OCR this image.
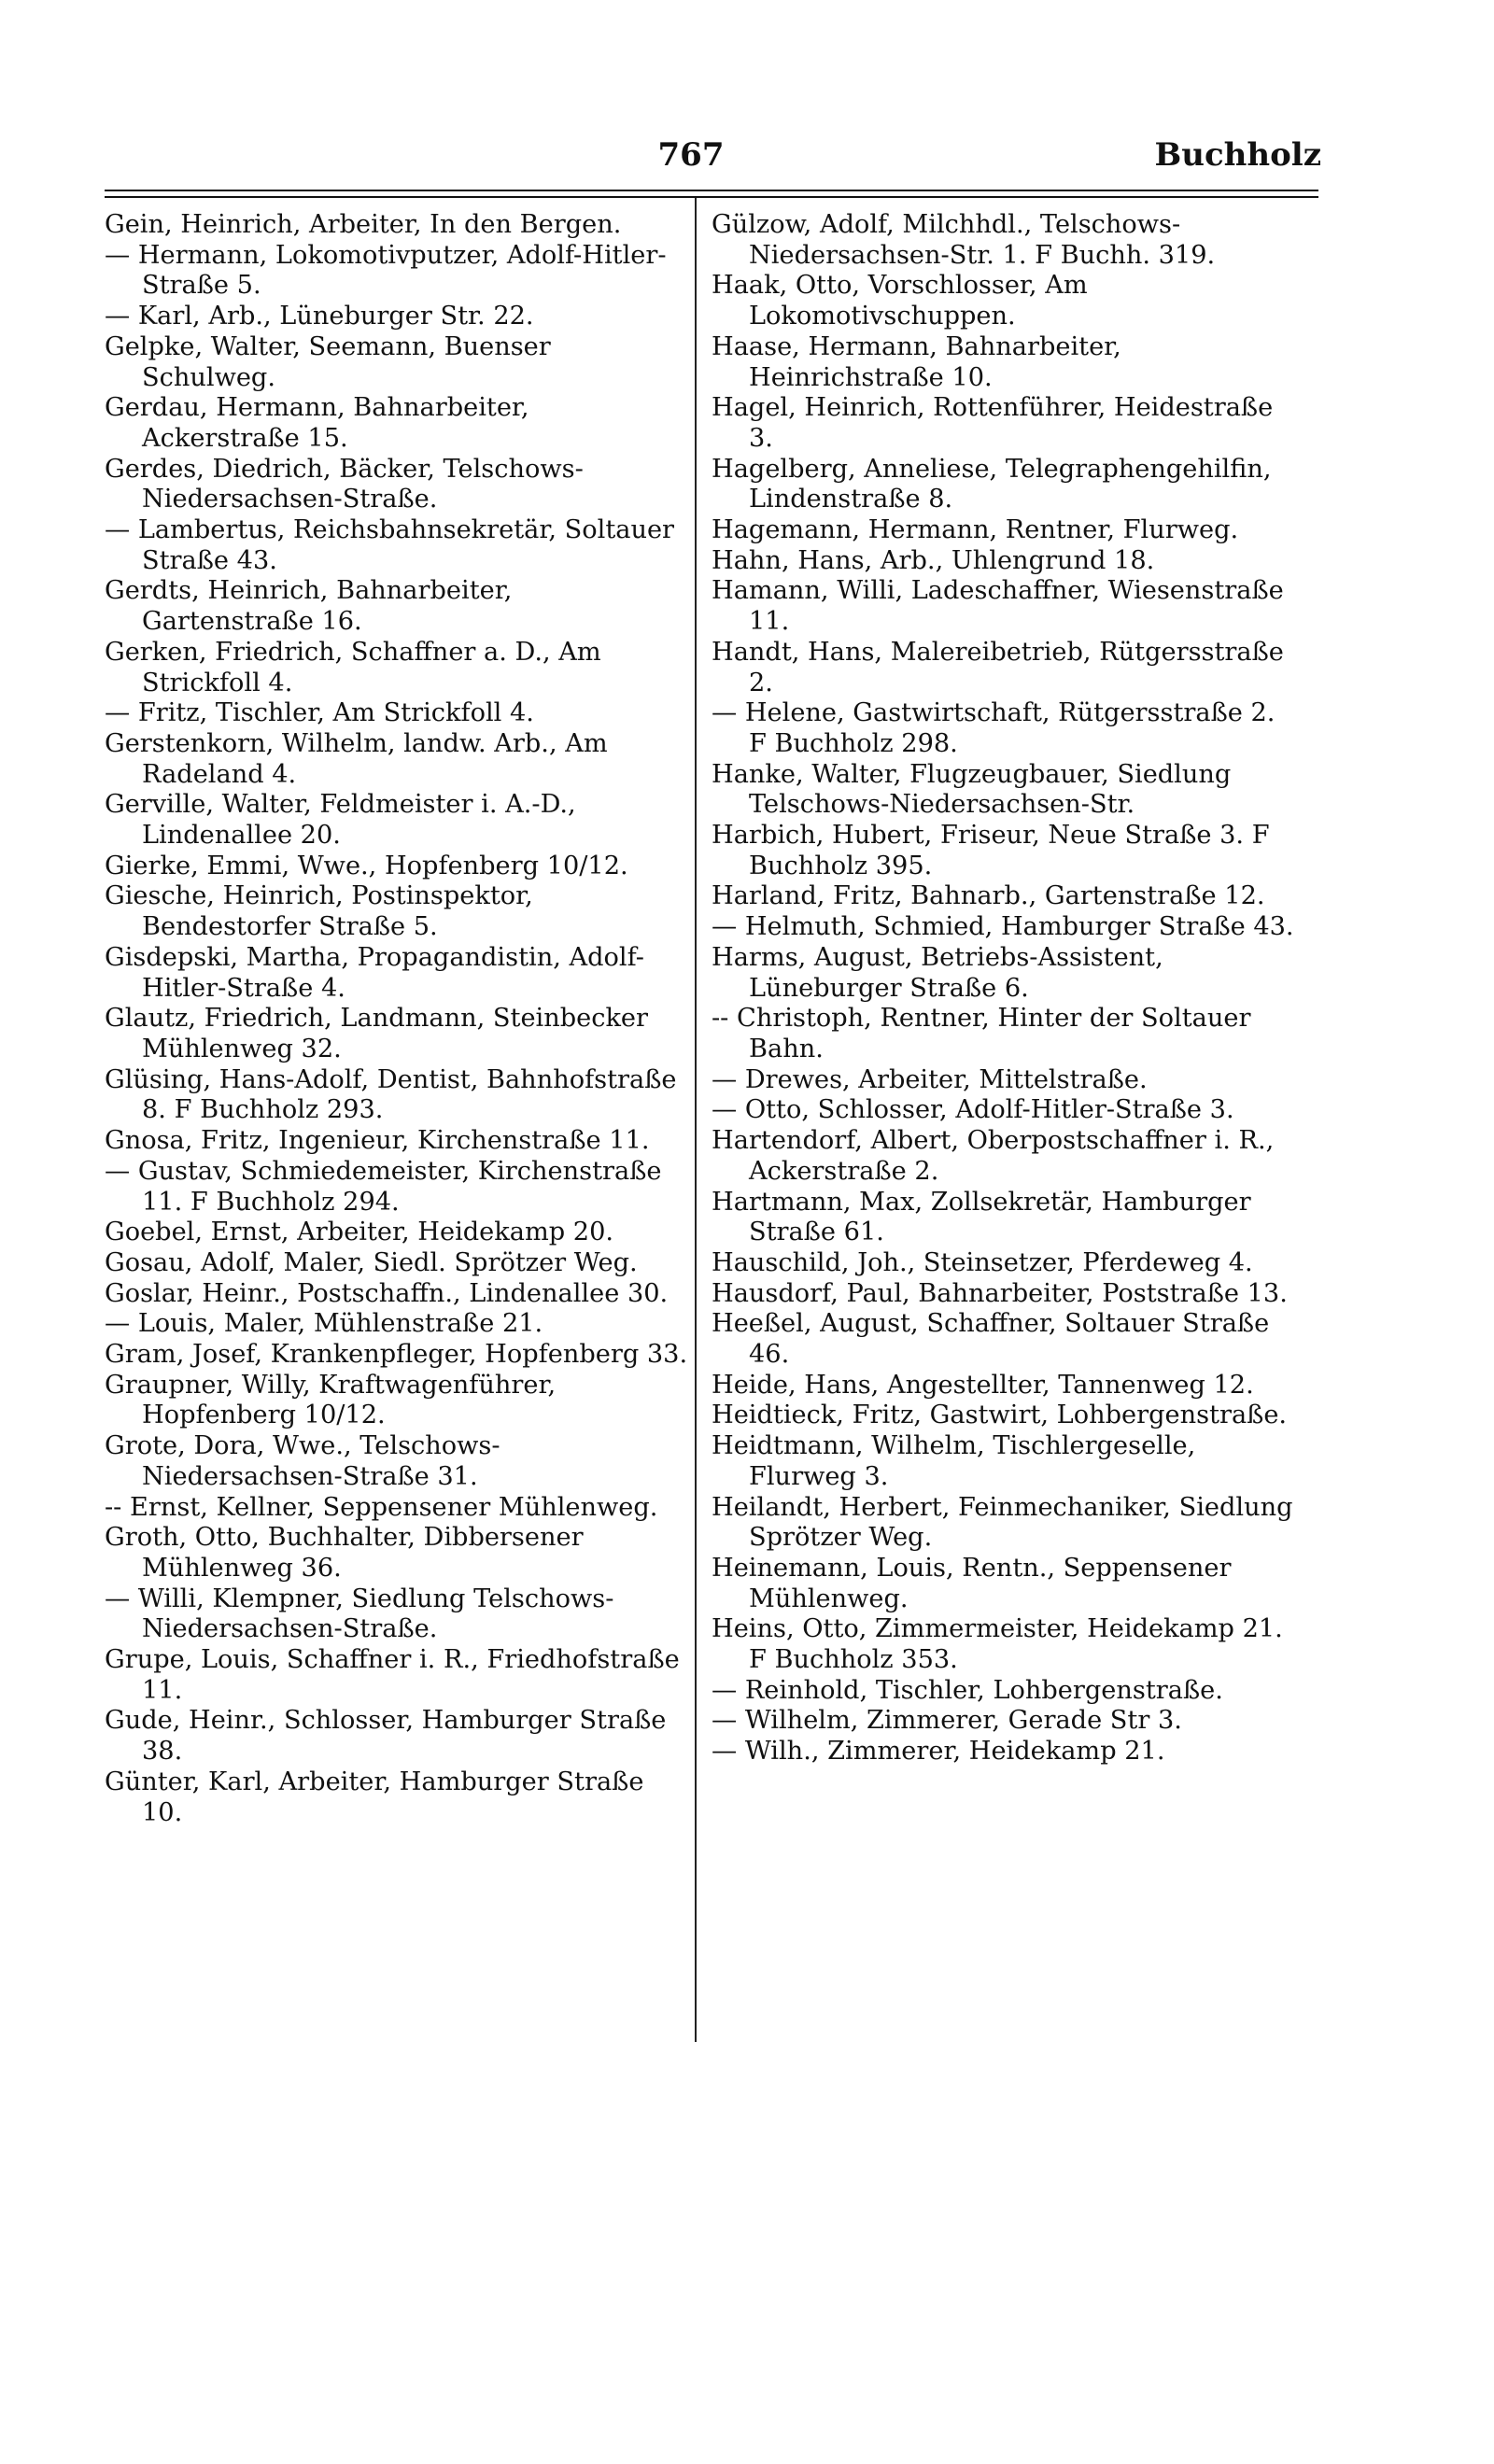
767	Buchholz

Gein, Heinrich, Arbeiter, In den Bergen.

— Hermann, Lokomotivputzer, Adolf-Hitler-Straße 5.

— Karl, Arb., Lüneburger Str. 22.

Gelpke, Walter, Seemann, Buenser Schulweg.

Gerdau, Hermann, Bahnarbeiter, Ackerstraße 15.

Gerdes, Diedrich, Bäcker, Telschows-Niedersachsen-Straße.

— Lambertus, Reichsbahnsekretär, Soltauer Straße 43.

Gerdts, Heinrich, Bahnarbeiter, Gartenstraße 16.

Gerken, Friedrich, Schaffner a. D., Am Strickfoll 4.

— Fritz, Tischler, Am Strickfoll 4.

Gerstenkorn, Wilhelm, landw. Arb., Am Radeland 4.

Gerville, Walter, Feldmeister i. A.-D., Lindenallee 20.

Gierke, Emmi, Wwe., Hopfenberg 10/12.

Giesche, Heinrich, Postinspektor, Bendestorfer Straße 5.

Gisdepski, Martha, Propagandistin, Adolf-Hitler-Straße 4.

Glautz, Friedrich, Landmann, Steinbecker Mühlenweg 32.

Glüsing, Hans-Adolf, Dentist, Bahnhofstraße 8. F Buchholz 293.

Gnosa, Fritz, Ingenieur, Kirchenstraße 11.

— Gustav, Schmiedemeister, Kirchenstraße 11. F Buchholz 294.

Goebel, Ernst, Arbeiter, Heidekamp 20.

Gosau, Adolf, Maler, Siedl. Sprötzer Weg.

Goslar, Heinr., Postschaffn., Lindenallee 30.

— Louis, Maler, Mühlenstraße 21.

Gram, Josef, Krankenpfleger, Hopfenberg 33.

Graupner, Willy, Kraftwagenführer, Hopfenberg 10/12.

Grote, Dora, Wwe., Telschows-Niedersachsen-Straße 31.

-- Ernst, Kellner, Seppensener Mühlenweg.

Groth, Otto, Buchhalter, Dibbersener Mühlenweg 36.

— Willi, Klempner, Siedlung Telschows-Niedersachsen-Straße.

Grupe, Louis, Schaffner i. R., Friedhofstraße 11.

Gude, Heinr., Schlosser, Hamburger Straße 38.

Günter, Karl, Arbeiter, Hamburger Straße 10.

Gülzow, Adolf, Milchhdl., Telschows-Niedersachsen-Str. 1. F Buchh. 319.

Haak, Otto, Vorschlosser, Am Lokomotivschuppen.

Haase, Hermann, Bahnarbeiter, Heinrichstraße 10.

Hagel, Heinrich, Rottenführer, Heidestraße 3.

Hagelberg, Anneliese, Telegraphengehilfin, Lindenstraße 8.

Hagemann, Hermann, Rentner, Flurweg.

Hahn, Hans, Arb., Uhlengrund 18.

Hamann, Willi, Ladeschaffner, Wiesenstraße 11.

Handt, Hans, Malereibetrieb, Rütgersstraße 2.

— Helene, Gastwirtschaft, Rütgersstraße 2. F Buchholz 298.

Hanke, Walter, Flugzeugbauer, Siedlung Telschows-Niedersachsen-Str.

Harbich, Hubert, Friseur, Neue Straße 3. F Buchholz 395.

Harland, Fritz, Bahnarb., Gartenstraße 12.

— Helmuth, Schmied, Hamburger Straße 43.

Harms, August, Betriebs-Assistent, Lüneburger Straße 6.

-- Christoph, Rentner, Hinter der Soltauer Bahn.

— Drewes, Arbeiter, Mittelstraße.

— Otto, Schlosser, Adolf-Hitler-Straße 3.

Hartendorf, Albert, Oberpostschaffner i. R., Ackerstraße 2.

Hartmann, Max, Zollsekretär, Hamburger Straße 61.

Hauschild, Joh., Steinsetzer, Pferdeweg 4.

Hausdorf, Paul, Bahnarbeiter, Poststraße 13.

Heeßel, August, Schaffner, Soltauer Straße 46.

Heide, Hans, Angestellter, Tannenweg 12.

Heidtieck, Fritz, Gastwirt, Lohbergenstraße.

Heidtmann, Wilhelm, Tischlergeselle, Flurweg 3.

Heilandt, Herbert, Feinmechaniker, Siedlung Sprötzer Weg.

Heinemann, Louis, Rentn., Seppensener Mühlenweg.

Heins, Otto, Zimmermeister, Heidekamp 21. F Buchholz 353.

— Reinhold, Tischler, Lohbergenstraße.

— Wilhelm, Zimmerer, Gerade Str 3.

— Wilh., Zimmerer, Heidekamp 21.
